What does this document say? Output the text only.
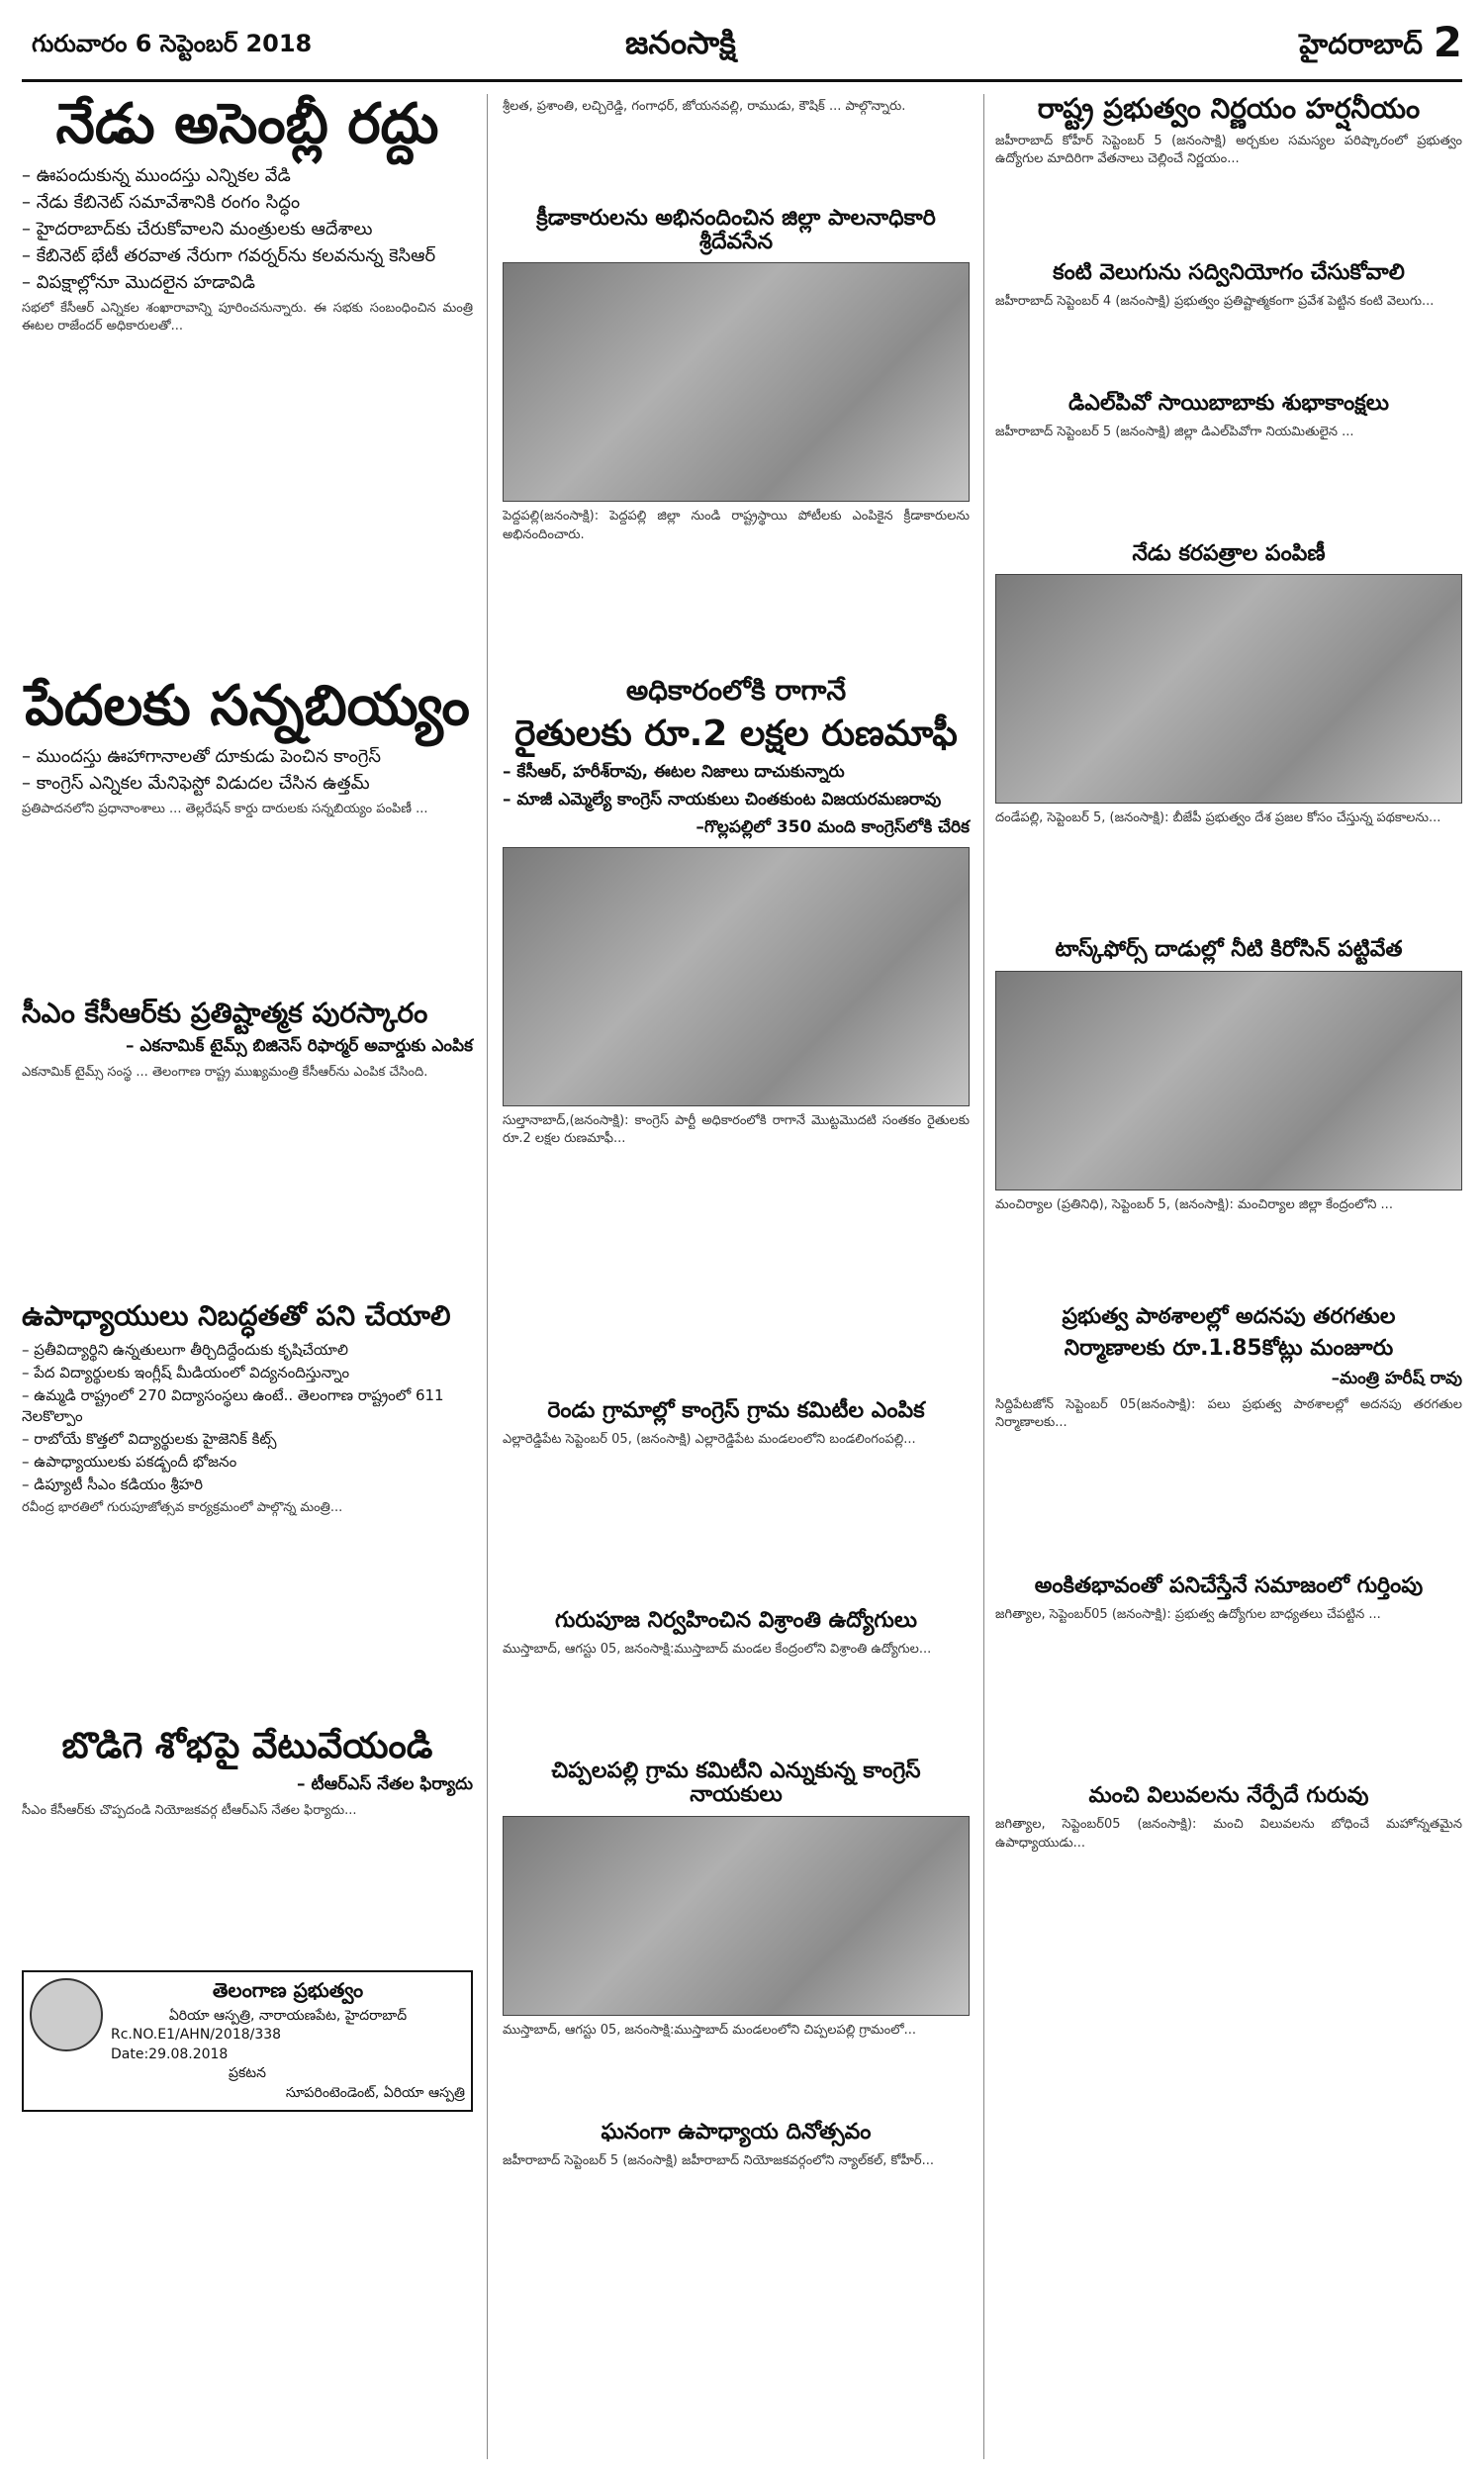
గురువారం 6 సెప్టెంబర్ 2018	జనంసాక్షి	హైదరాబాద్ 2
నేడు అసెంబ్లీ రద్దు
– ఊపందుకున్న ముందస్తు ఎన్నికల వేడి
– నేడు కేబినెట్ సమావేశానికి రంగం సిద్ధం
– హైదరాబాద్‌కు చేరుకోవాలని మంత్రులకు ఆదేశాలు
– కేబినెట్ భేటీ తరవాత నేరుగా గవర్నర్‌ను కలవనున్న కెసిఆర్
– విపక్షాల్లోనూ మొదలైన హడావిడి
సభలో కేసీఆర్ ఎన్నికల శంఖారావాన్ని పూరించనున్నారు. ఈ సభకు సంబంధించిన మంత్రి ఈటల రాజేందర్ అధికారులతో...
పేదలకు సన్నబియ్యం
– ముందస్తు ఊహాగానాలతో దూకుడు పెంచిన కాంగ్రెస్
– కాంగ్రెస్ ఎన్నికల మేనిఫెస్టో విడుదల చేసిన ఉత్తమ్
ప్రతిపాదనలోని ప్రధానాంశాలు ... తెల్లరేషన్ కార్డు దారులకు సన్నబియ్యం పంపిణీ ...
సీఎం కేసీఆర్‌కు ప్రతిష్టాత్మక పురస్కారం
– ఎకనామిక్ టైమ్స్ బిజినెస్ రిఫార్మర్ అవార్డుకు ఎంపిక
ఎకనామిక్ టైమ్స్ సంస్థ ... తెలంగాణ రాష్ట్ర ముఖ్యమంత్రి కేసీఆర్‌ను ఎంపిక చేసింది.
ఉపాధ్యాయులు నిబద్ధతతో పని చేయాలి
– ప్రతీవిద్యార్థిని ఉన్నతులుగా తీర్చిదిద్దేందుకు కృషిచేయాలి
– పేద విద్యార్థులకు ఇంగ్లీష్ మీడియంలో విద్యనందిస్తున్నాం
– ఉమ్మడి రాష్ట్రంలో 270 విద్యాసంస్థలు ఉంటే.. తెలంగాణ రాష్ట్రంలో 611 నెలకొల్పాం
– రాబోయే కొత్తలో విద్యార్థులకు హైజెనిక్ కిట్స్
– ఉపాధ్యాయులకు పకడ్బందీ భోజనం
– డిప్యూటీ సీఎం కడియం శ్రీహరి
రవీంద్ర భారతిలో గురుపూజోత్సవ కార్యక్రమంలో పాల్గొన్న మంత్రి...
బొడిగె శోభపై వేటువేయండి
– టీఆర్ఎస్ నేతల ఫిర్యాదు
సీఎం కేసీఆర్‌కు చొప్పదండి నియోజకవర్గ టీఆర్ఎస్ నేతల ఫిర్యాదు...
తెలంగాణ ప్రభుత్వం
ఏరియా ఆస్పత్రి, నారాయణపేట, హైదరాబాద్
Rc.NO.E1/AHN/2018/338
Date:29.08.2018
ప్రకటన
సూపరింటెండెంట్, ఏరియా ఆస్పత్రి
శ్రీలత, ప్రశాంతి, లచ్చిరెడ్డి, గంగాధర్, జోయనవల్లి, రాముడు, కౌషిక్ ... పాల్గొన్నారు.
క్రీడాకారులను అభినందించిన జిల్లా పాలనాధికారి శ్రీదేవసేన
పెద్దపల్లి(జనంసాక్షి): పెద్దపల్లి జిల్లా నుండి రాష్ట్రస్థాయి పోటీలకు ఎంపికైన క్రీడాకారులను అభినందించారు.
అధికారంలోకి రాగానే
రైతులకు రూ.2 లక్షల రుణమాఫీ
– కేసీఆర్, హరీశ్‌రావు, ఈటల నిజాలు దాచుకున్నారు
– మాజీ ఎమ్మెల్యే కాంగ్రెస్ నాయకులు చింతకుంట విజయరమణరావు
–గొల్లపల్లిలో 350 మంది కాంగ్రెస్‌లోకి చేరిక
సుల్తానాబాద్,(జనంసాక్షి): కాంగ్రెస్ పార్టీ అధికారంలోకి రాగానే మొట్టమొదటి సంతకం రైతులకు రూ.2 లక్షల రుణమాఫీ...
రెండు గ్రామాల్లో కాంగ్రెస్ గ్రామ కమిటీల ఎంపిక
ఎల్లారెడ్డిపేట సెప్టెంబర్ 05, (జనంసాక్షి) ఎల్లారెడ్డిపేట మండలంలోని బండలింగంపల్లి...
గురుపూజ నిర్వహించిన విశ్రాంతి ఉద్యోగులు
ముస్తాబాద్, ఆగస్టు 05, జనంసాక్షి:ముస్తాబాద్ మండల కేంద్రంలోని విశ్రాంతి ఉద్యోగుల...
చిప్పలపల్లి గ్రామ కమిటీని ఎన్నుకున్న కాంగ్రెస్ నాయకులు
ముస్తాబాద్, ఆగస్టు 05, జనంసాక్షి:ముస్తాబాద్ మండలంలోని చిప్పలపల్లి గ్రామంలో...
ఘనంగా ఉపాధ్యాయ దినోత్సవం
జహీరాబాద్ సెప్టెంబర్ 5 (జనంసాక్షి) జహీరాబాద్ నియోజకవర్గంలోని న్యాల్‌కల్, కోహీర్...
రాష్ట్ర ప్రభుత్వం నిర్ణయం హర్షనీయం
జహీరాబాద్ కోహీర్ సెప్టెంబర్ 5 (జనంసాక్షి) అర్చకుల సమస్యల పరిష్కారంలో ప్రభుత్వం ఉద్యోగుల మాదిరిగా వేతనాలు చెల్లించే నిర్ణయం...
కంటి వెలుగును సద్వినియోగం చేసుకోవాలి
జహీరాబాద్ సెప్టెంబర్ 4 (జనంసాక్షి) ప్రభుత్వం ప్రతిష్టాత్మకంగా ప్రవేశ పెట్టిన కంటి వెలుగు...
డిఎల్‌పివో సాయిబాబాకు శుభాకాంక్షలు
జహీరాబాద్ సెప్టెంబర్ 5 (జనంసాక్షి) జిల్లా డిఎల్‌పివోగా నియమితులైన ...
నేడు కరపత్రాల పంపిణీ
దండేపల్లి, సెప్టెంబర్ 5, (జనంసాక్షి): బీజేపీ ప్రభుత్వం దేశ ప్రజల కోసం చేస్తున్న పథకాలను...
టాస్క్‌ఫోర్స్ దాడుల్లో నీటి కిరోసిన్ పట్టివేత
మంచిర్యాల (ప్రతినిధి), సెప్టెంబర్ 5, (జనంసాక్షి): మంచిర్యాల జిల్లా కేంద్రంలోని ...
ప్రభుత్వ పాఠశాలల్లో అదనపు తరగతుల
నిర్మాణాలకు రూ.1.85కోట్లు మంజూరు
–మంత్రి హరీష్ రావు
సిద్దిపేటజోన్ సెప్టెంబర్ 05(జనంసాక్షి): పలు ప్రభుత్వ పాఠశాలల్లో అదనపు తరగతుల నిర్మాణాలకు...
అంకితభావంతో పనిచేస్తేనే సమాజంలో గుర్తింపు
జగిత్యాల, సెప్టెంబర్05 (జనంసాక్షి): ప్రభుత్వ ఉద్యోగుల బాధ్యతలు చేపట్టిన ...
మంచి విలువలను నేర్పేదే గురువు
జగిత్యాల, సెప్టెంబర్05 (జనంసాక్షి): మంచి విలువలను బోధించే మహోన్నతమైన ఉపాధ్యాయుడు...
